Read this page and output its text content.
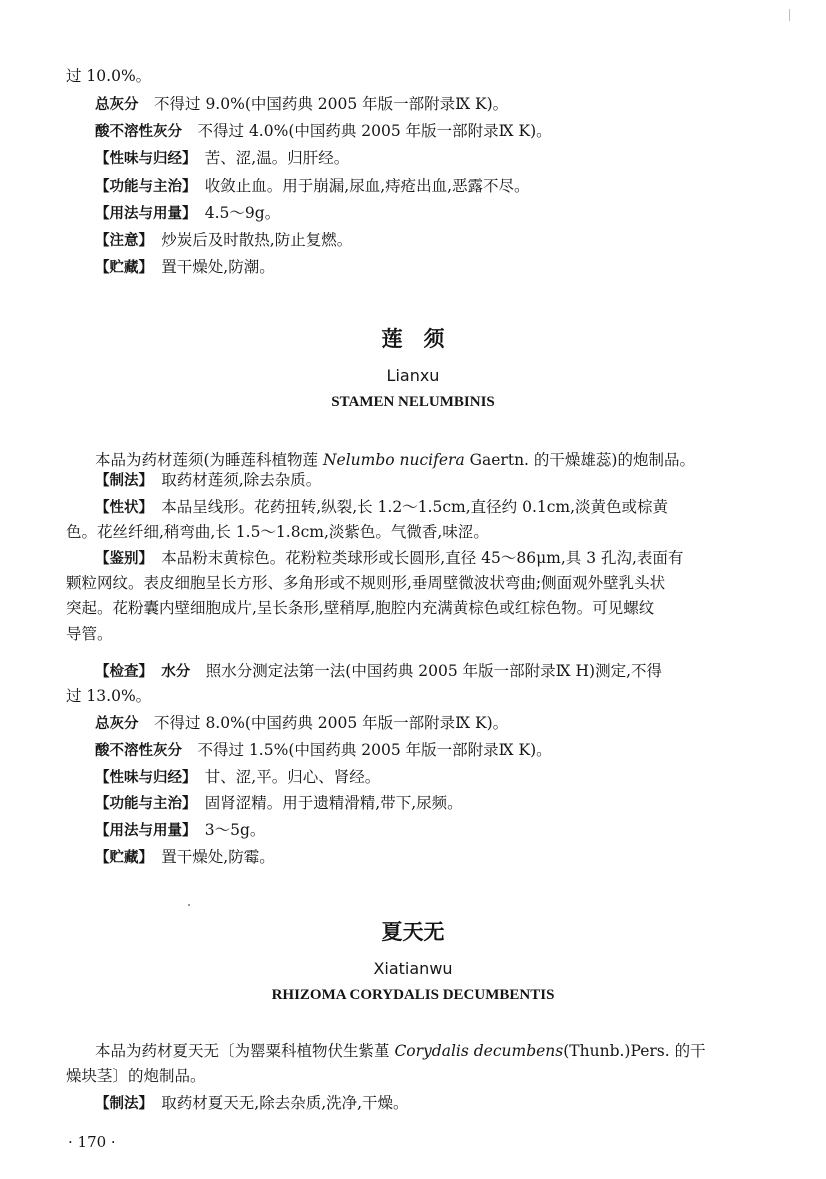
过 10.0%。
总灰分　 不得过 9.0%(中国药典 2005 年版一部附录Ⅸ K)。
酸不溶性灰分　 不得过 4.0%(中国药典 2005 年版一部附录Ⅸ K)。
【性味与归经】　 苦、涩,温。归肝经。
【功能与主治】　 收敛止血。用于崩漏,尿血,痔疮出血,恶露不尽。
【用法与用量】　 4.5～9g。
【注意】　 炒炭后及时散热,防止复燃。
【贮藏】　 置干燥处,防潮。
莲　须
Lianxu
STAMEN NELUMBINIS
本品为药材莲须(为睡莲科植物莲 Nelumbo nucifera Gaertn. 的干燥雄蕊)的炮制品。
【制法】　 取药材莲须,除去杂质。
【性状】　 本品呈线形。花药扭转,纵裂,长 1.2～1.5cm,直径约 0.1cm,淡黄色或棕黄
色。花丝纤细,稍弯曲,长 1.5～1.8cm,淡紫色。气微香,味涩。
【鉴别】　 本品粉末黄棕色。花粉粒类球形或长圆形,直径 45～86μm,具 3 孔沟,表面有
颗粒网纹。表皮细胞呈长方形、多角形或不规则形,垂周壁微波状弯曲;侧面观外壁乳头状
突起。花粉囊内壁细胞成片,呈长条形,壁稍厚,胞腔内充满黄棕色或红棕色物。可见螺纹
导管。
【检查】　 水分　 照水分测定法第一法(中国药典 2005 年版一部附录Ⅸ H)测定,不得
过 13.0%。
总灰分　 不得过 8.0%(中国药典 2005 年版一部附录Ⅸ K)。
酸不溶性灰分　 不得过 1.5%(中国药典 2005 年版一部附录Ⅸ K)。
【性味与归经】　 甘、涩,平。归心、肾经。
【功能与主治】　 固肾涩精。用于遗精滑精,带下,尿频。
【用法与用量】　 3～5g。
【贮藏】　 置干燥处,防霉。
夏天无
Xiatianwu
RHIZOMA CORYDALIS DECUMBENTIS
本品为药材夏天无〔为罂粟科植物伏生紫堇 Corydalis decumbens(Thunb.)Pers. 的干
燥块茎〕的炮制品。
【制法】　 取药材夏天无,除去杂质,洗净,干燥。
· 170 ·
